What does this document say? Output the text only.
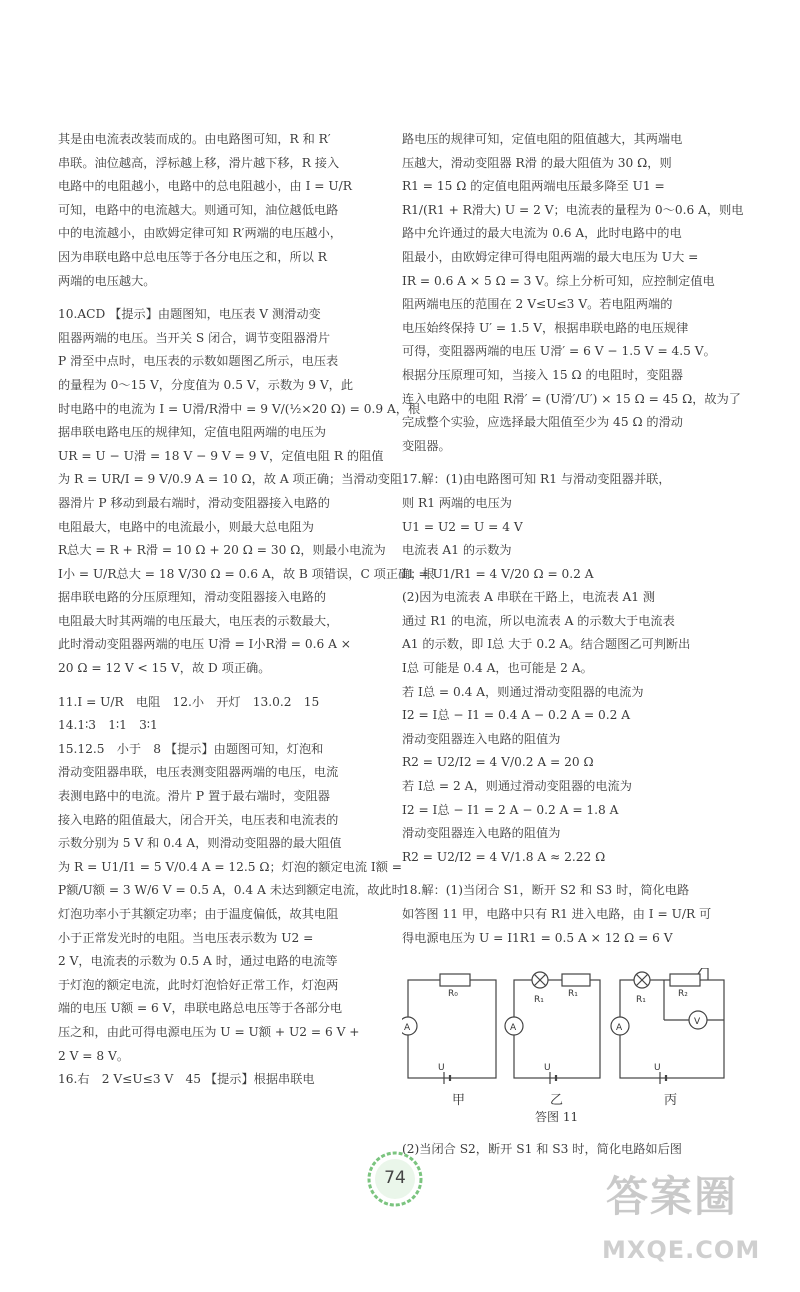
其是由电流表改装而成的。由电路图可知，R 和 R′
串联。油位越高，浮标越上移，滑片越下移，R 接入
电路中的电阻越小，电路中的总电阻越小，由 I = U/R
可知，电路中的电流越大。则通可知，油位越低电路
中的电流越小，由欧姆定律可知 R′两端的电压越小，
因为串联电路中总电压等于各分电压之和，所以 R
两端的电压越大。
10.ACD 【提示】由题图知，电压表 V 测滑动变
阻器两端的电压。当开关 S 闭合，调节变阻器滑片
P 滑至中点时，电压表的示数如题图乙所示，电压表
的量程为 0～15 V，分度值为 0.5 V，示数为 9 V，此
时电路中的电流为 I = U滑/R滑中 = 9 V/(½×20 Ω) = 0.9 A，根
据串联电路电压的规律知，定值电阻两端的电压为
UR = U − U滑 = 18 V − 9 V = 9 V，定值电阻 R 的阻值
为 R = UR/I = 9 V/0.9 A = 10 Ω，故 A 项正确；当滑动变阻
器滑片 P 移动到最右端时，滑动变阻器接入电路的
电阻最大，电路中的电流最小，则最大总电阻为
R总大 = R + R滑 = 10 Ω + 20 Ω = 30 Ω，则最小电流为
I小 = U/R总大 = 18 V/30 Ω = 0.6 A，故 B 项错误，C 项正确；根
据串联电路的分压原理知，滑动变阻器接入电路的
电阻最大时其两端的电压最大，电压表的示数最大，
此时滑动变阻器两端的电压 U滑 = I小R滑 = 0.6 A ×
20 Ω = 12 V < 15 V，故 D 项正确。
11.I = U/R　电阻　12.小　开灯　13.0.2　15
14.1∶3　1∶1　3∶1
15.12.5　小于　8 【提示】由题图可知，灯泡和
滑动变阻器串联，电压表测变阻器两端的电压，电流
表测电路中的电流。滑片 P 置于最右端时，变阻器
接入电路的阻值最大，闭合开关，电压表和电流表的
示数分别为 5 V 和 0.4 A，则滑动变阻器的最大阻值
为 R = U1/I1 = 5 V/0.4 A = 12.5 Ω；灯泡的额定电流 I额 =
P额/U额 = 3 W/6 V = 0.5 A，0.4 A 未达到额定电流，故此时
灯泡功率小于其额定功率；由于温度偏低，故其电阻
小于正常发光时的电阻。当电压表示数为 U2 =
2 V，电流表的示数为 0.5 A 时，通过电路的电流等
于灯泡的额定电流，此时灯泡恰好正常工作，灯泡两
端的电压 U额 = 6 V，串联电路总电压等于各部分电
压之和，由此可得电源电压为 U = U额 + U2 = 6 V +
2 V = 8 V。
16.右　2 V≤U≤3 V　45 【提示】根据串联电
路电压的规律可知，定值电阻的阻值越大，其两端电
压越大，滑动变阻器 R滑 的最大阻值为 30 Ω，则
R1 = 15 Ω 的定值电阻两端电压最多降至 U1 =
R1/(R1 + R滑大) U = 2 V；电流表的量程为 0～0.6 A，则电
路中允许通过的最大电流为 0.6 A，此时电路中的电
阻最小，由欧姆定律可得电阻两端的最大电压为 U大 =
IR = 0.6 A × 5 Ω = 3 V。综上分析可知，应控制定值电
阻两端电压的范围在 2 V≤U≤3 V。若电阻两端的
电压始终保持 U′ = 1.5 V，根据串联电路的电压规律
可得，变阻器两端的电压 U滑′ = 6 V − 1.5 V = 4.5 V。
根据分压原理可知，当接入 15 Ω 的电阻时，变阻器
连入电路中的电阻 R滑′ = (U滑′/U′) × 15 Ω = 45 Ω，故为了
完成整个实验，应选择最大阻值至少为 45 Ω 的滑动
变阻器。
17.解：(1)由电路图可知 R1 与滑动变阻器并联，
则 R1 两端的电压为
U1 = U2 = U = 4 V
电流表 A1 的示数为
I1 = U1/R1 = 4 V/20 Ω = 0.2 A
(2)因为电流表 A 串联在干路上，电流表 A1 测
通过 R1 的电流，所以电流表 A 的示数大于电流表
A1 的示数，即 I总 大于 0.2 A。结合题图乙可判断出
I总 可能是 0.4 A，也可能是 2 A。
若 I总 = 0.4 A，则通过滑动变阻器的电流为
I2 = I总 − I1 = 0.4 A − 0.2 A = 0.2 A
滑动变阻器连入电路的阻值为
R2 = U2/I2 = 4 V/0.2 A = 20 Ω
若 I总 = 2 A，则通过滑动变阻器的电流为
I2 = I总 − I1 = 2 A − 0.2 A = 1.8 A
滑动变阻器连入电路的阻值为
R2 = U2/I2 = 4 V/1.8 A ≈ 2.22 Ω
18.解：(1)当闭合 S1，断开 S2 和 S3 时，简化电路
如答图 11 甲，电路中只有 R1 进入电路，由 I = U/R 可
得电源电压为 U = I1R1 = 0.5 A × 12 Ω = 6 V
R₀
A
U
R₁
R₁
A
U
R₁
R₂
V
A
U
甲	乙	丙
答图 11
(2)当闭合 S2，断开 S1 和 S3 时，简化电路如后图
74	答案圈
MXQE.COM
